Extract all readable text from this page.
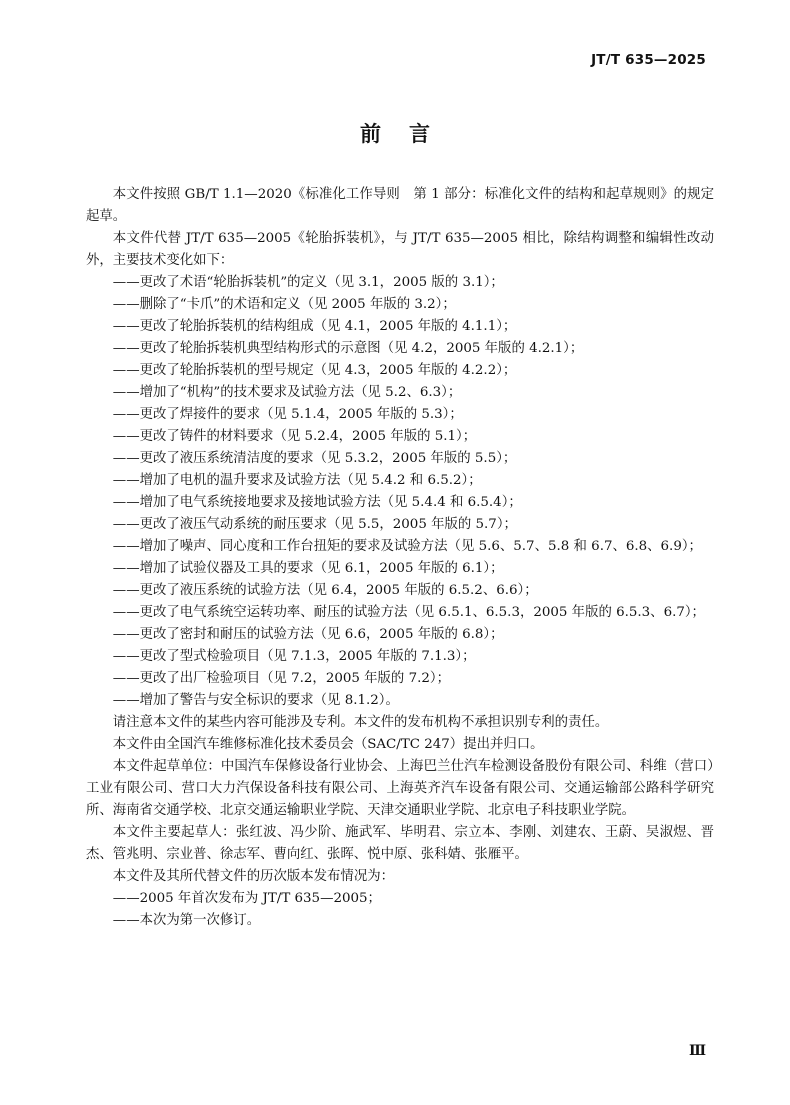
JT/T 635—2025
前言

本文件按照 GB/T 1.1—2020《标准化工作导则　第 1 部分：标准化文件的结构和起草规则》的规定起草。

本文件代替 JT/T 635—2005《轮胎拆装机》，与 JT/T 635—2005 相比，除结构调整和编辑性改动外，主要技术变化如下：

—— 更改了术语“轮胎拆装机”的定义（见 3.1，2005 版的 3.1）；

—— 删除了“卡爪”的术语和定义（见 2005 年版的 3.2）；

—— 更改了轮胎拆装机的结构组成（见 4.1，2005 年版的 4.1.1）；

—— 更改了轮胎拆装机典型结构形式的示意图（见 4.2，2005 年版的 4.2.1）；

—— 更改了轮胎拆装机的型号规定（见 4.3，2005 年版的 4.2.2）；

—— 增加了“机构”的技术要求及试验方法（见 5.2、6.3）；

—— 更改了焊接件的要求（见 5.1.4，2005 年版的 5.3）；

—— 更改了铸件的材料要求（见 5.2.4，2005 年版的 5.1）；

—— 更改了液压系统清洁度的要求（见 5.3.2，2005 年版的 5.5）；

—— 增加了电机的温升要求及试验方法（见 5.4.2 和 6.5.2）；

—— 增加了电气系统接地要求及接地试验方法（见 5.4.4 和 6.5.4）；

—— 更改了液压气动系统的耐压要求（见 5.5，2005 年版的 5.7）；

—— 增加了噪声、同心度和工作台扭矩的要求及试验方法（见 5.6、5.7、5.8 和 6.7、6.8、6.9）；

—— 增加了试验仪器及工具的要求（见 6.1，2005 年版的 6.1）；

—— 更改了液压系统的试验方法（见 6.4，2005 年版的 6.5.2、6.6）；

—— 更改了电气系统空运转功率、耐压的试验方法（见 6.5.1、6.5.3，2005 年版的 6.5.3、6.7）；

—— 更改了密封和耐压的试验方法（见 6.6，2005 年版的 6.8）；

—— 更改了型式检验项目（见 7.1.3，2005 年版的 7.1.3）；

—— 更改了出厂检验项目（见 7.2，2005 年版的 7.2）；

—— 增加了警告与安全标识的要求（见 8.1.2）。

请注意本文件的某些内容可能涉及专利。本文件的发布机构不承担识别专利的责任。

本文件由全国汽车维修标准化技术委员会（SAC/TC 247）提出并归口。

本文件起草单位：中国汽车保修设备行业协会、上海巴兰仕汽车检测设备股份有限公司、科维（营口）工业有限公司、营口大力汽保设备科技有限公司、上海英齐汽车设备有限公司、交通运输部公路科学研究所、海南省交通学校、北京交通运输职业学院、天津交通职业学院、北京电子科技职业学院。

本文件主要起草人：张红波、冯少阶、施武军、毕明君、宗立本、李刚、刘建农、王蔚、吴淑煜、晋杰、管兆明、宗业普、徐志军、曹向红、张晖、悦中原、张科婧、张雁平。

本文件及其所代替文件的历次版本发布情况为：

—— 2005 年首次发布为 JT/T 635—2005；

—— 本次为第一次修订。

Ⅲ
